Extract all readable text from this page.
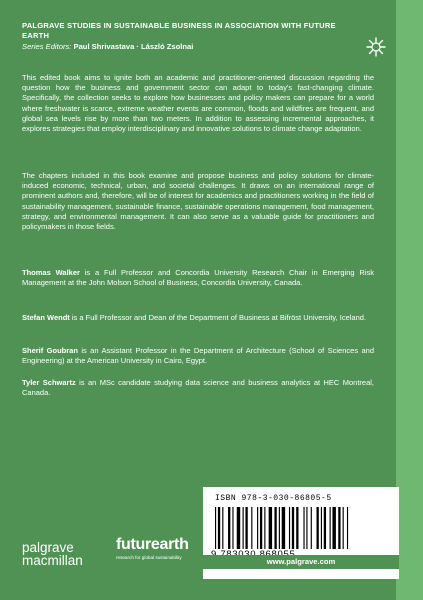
PALGRAVE STUDIES IN SUSTAINABLE BUSINESS IN ASSOCIATION WITH FUTURE EARTH
Series Editors: Paul Shrivastava · László Zsolnai
This edited book aims to ignite both an academic and practitioner-oriented discussion regarding the question how the business and government sector can adapt to today's fast-changing climate. Specifically, the collection seeks to explore how businesses and policy makers can prepare for a world where freshwater is scarce, extreme weather events are common, floods and wildfires are frequent, and global sea levels rise by more than two meters. In addition to assessing incremental approaches, it explores strategies that employ interdisciplinary and innovative solutions to climate change adaptation.
The chapters included in this book examine and propose business and policy solutions for climate-induced economic, technical, urban, and societal challenges. It draws on an international range of prominent authors and, therefore, will be of interest for academics and practitioners working in the field of sustainability management, sustainable finance, sustainable operations management, food management, strategy, and environmental management. It can also serve as a valuable guide for practitioners and policymakers in those fields.
Thomas Walker is a Full Professor and Concordia University Research Chair in Emerging Risk Management at the John Molson School of Business, Concordia University, Canada.
Stefan Wendt is a Full Professor and Dean of the Department of Business at Bifröst University, Iceland.
Sherif Goubran is an Assistant Professor in the Department of Architecture (School of Sciences and Engineering) at the American University in Cairo, Egypt.
Tyler Schwartz is an MSc candidate studying data science and business analytics at HEC Montreal, Canada.
ISBN 978-3-030-86805-5
www.palgrave.com
palgrave
macmillan
futurearth
research for global sustainability
